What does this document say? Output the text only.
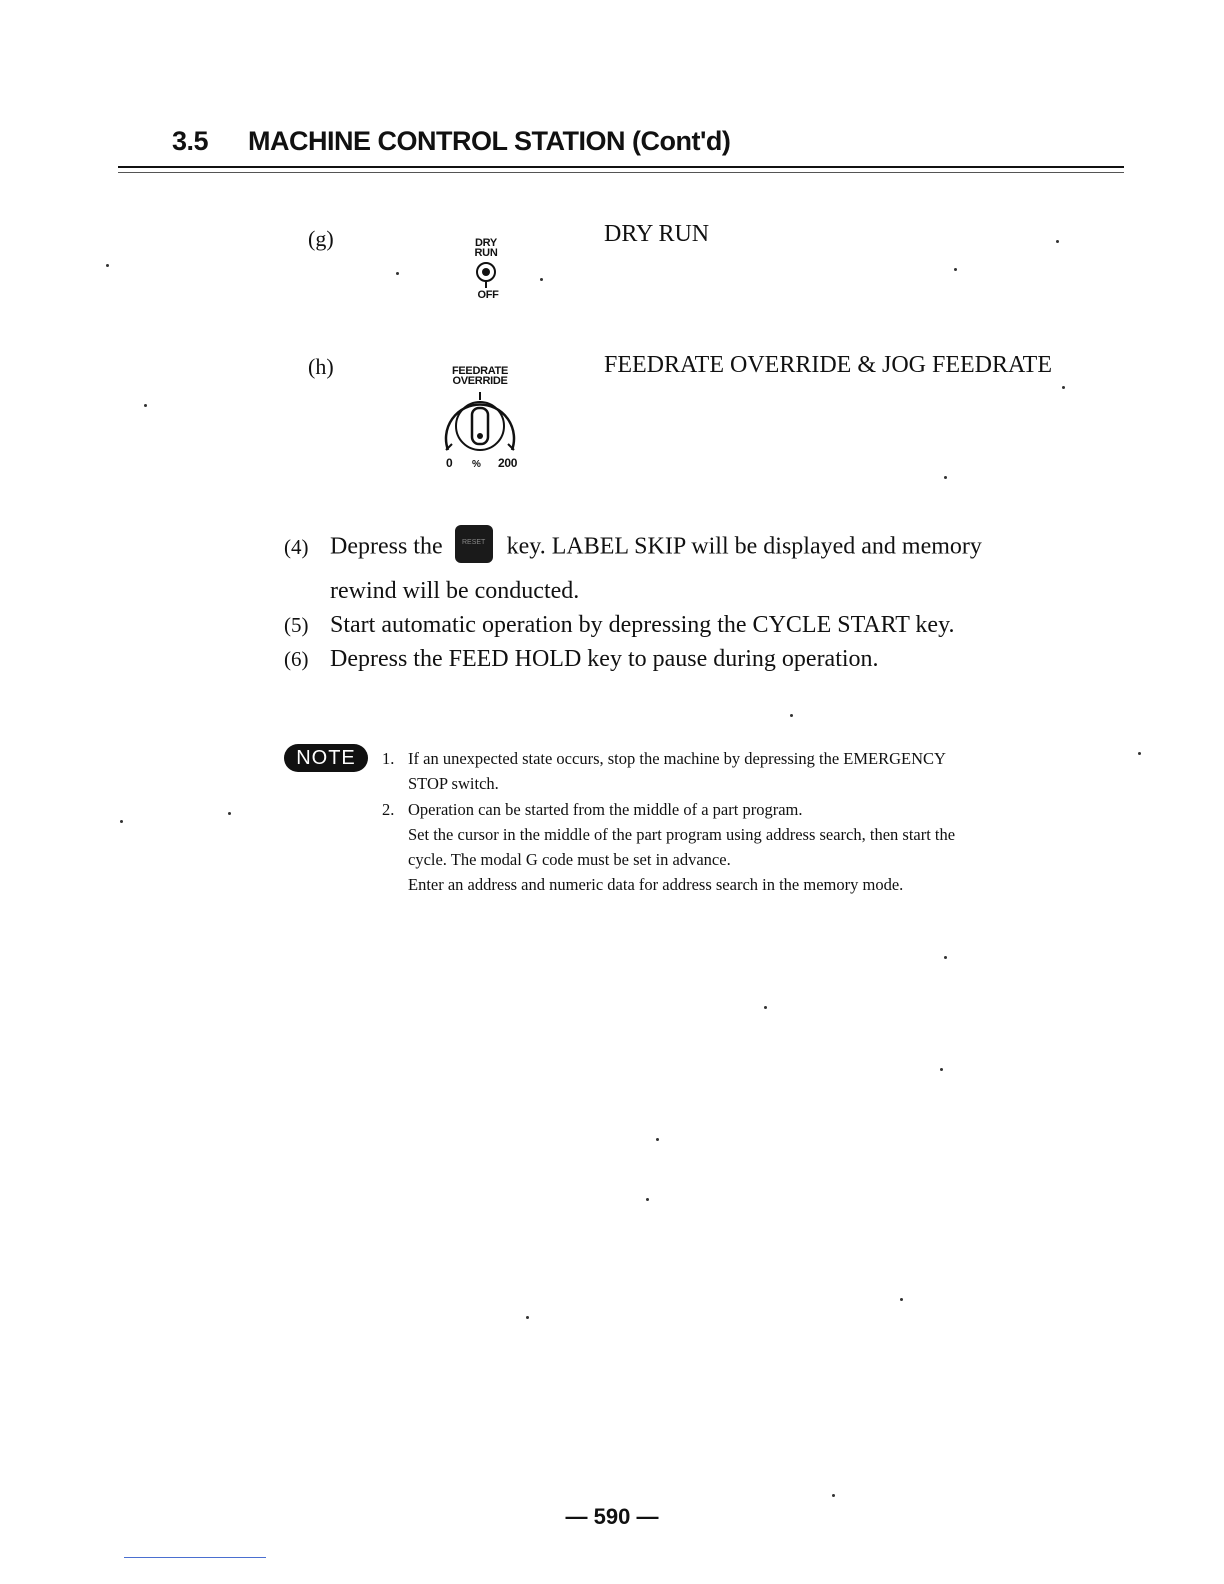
3.5 MACHINE CONTROL STATION (Cont'd)
(g)	DRY
RUN
OFF
DRY RUN
(h)	FEEDRATE
OVERRIDE
0 % 200
FEEDRATE OVERRIDE & JOG FEEDRATE
(4) Depress the	RESET key. LABEL SKIP will be displayed and memory
rewind will be conducted.
(5) Start automatic operation by depressing the CYCLE START key.
(6) Depress the FEED HOLD key to pause during operation.
NOTE	1. If an unexpected state occurs, stop the machine by depressing the EMERGENCY
STOP switch.
2. Operation can be started from the middle of a part program.
Set the cursor in the middle of the part program using address search, then start the
cycle. The modal G code must be set in advance.
Enter an address and numeric data for address search in the memory mode.
— 590 —
